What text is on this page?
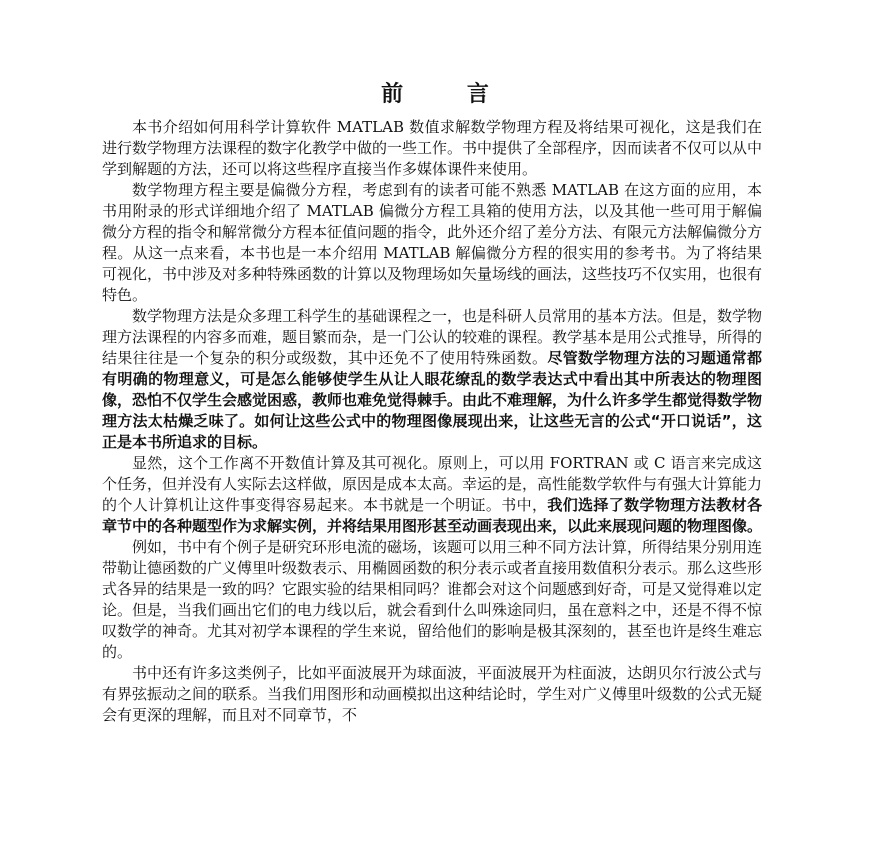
前 言

本书介绍如何用科学计算软件 MATLAB 数值求解数学物理方程及将结果可视化，这是我们在进行数学物理方法课程的数字化教学中做的一些工作。书中提供了全部程序，因而读者不仅可以从中学到解题的方法，还可以将这些程序直接当作多媒体课件来使用。

数学物理方程主要是偏微分方程，考虑到有的读者可能不熟悉 MATLAB 在这方面的应用，本书用附录的形式详细地介绍了 MATLAB 偏微分方程工具箱的使用方法，以及其他一些可用于解偏微分方程的指令和解常微分方程本征值问题的指令，此外还介绍了差分方法、有限元方法解偏微分方程。从这一点来看，本书也是一本介绍用 MATLAB 解偏微分方程的很实用的参考书。为了将结果可视化，书中涉及对多种特殊函数的计算以及物理场如矢量场线的画法，这些技巧不仅实用，也很有特色。

数学物理方法是众多理工科学生的基础课程之一，也是科研人员常用的基本方法。但是，数学物理方法课程的内容多而难，题目繁而杂，是一门公认的较难的课程。教学基本是用公式推导，所得的结果往往是一个复杂的积分或级数，其中还免不了使用特殊函数。尽管数学物理方法的习题通常都有明确的物理意义，可是怎么能够使学生从让人眼花缭乱的数学表达式中看出其中所表达的物理图像，恐怕不仅学生会感觉困惑，教师也难免觉得棘手。由此不难理解，为什么许多学生都觉得数学物理方法太枯燥乏味了。如何让这些公式中的物理图像展现出来，让这些无言的公式“开口说话”，这正是本书所追求的目标。

显然，这个工作离不开数值计算及其可视化。原则上，可以用 FORTRAN 或 C 语言来完成这个任务，但并没有人实际去这样做，原因是成本太高。幸运的是，高性能数学软件与有强大计算能力的个人计算机让这件事变得容易起来。本书就是一个明证。书中，我们选择了数学物理方法教材各章节中的各种题型作为求解实例，并将结果用图形甚至动画表现出来，以此来展现问题的物理图像。

例如，书中有个例子是研究环形电流的磁场，该题可以用三种不同方法计算，所得结果分别用连带勒让德函数的广义傅里叶级数表示、用椭圆函数的积分表示或者直接用数值积分表示。那么这些形式各异的结果是一致的吗？它跟实验的结果相同吗？谁都会对这个问题感到好奇，可是又觉得难以定论。但是，当我们画出它们的电力线以后，就会看到什么叫殊途同归，虽在意料之中，还是不得不惊叹数学的神奇。尤其对初学本课程的学生来说，留给他们的影响是极其深刻的，甚至也许是终生难忘的。

书中还有许多这类例子，比如平面波展开为球面波，平面波展开为柱面波，达朗贝尔行波公式与有界弦振动之间的联系。当我们用图形和动画模拟出这种结论时，学生对广义傅里叶级数的公式无疑会有更深的理解，而且对不同章节，不
